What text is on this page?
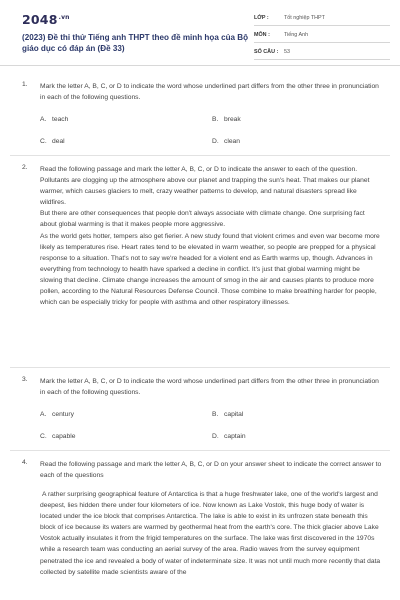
$2048^{.vn}$
(2023) Đề thi thử Tiếng anh THPT theo đề minh họa của Bộ giáo dục có đáp án (Đề 33)
LỚP :	Tốt nghiệp THPT
MÔN :	Tiếng Anh
SỐ CÂU : 53
1. Mark the letter A, B, C, or D to indicate the word whose underlined part differs from the other three in pronunciation in each of the following questions.
A. teach	B. break
C. deal	D. clean
2. Read the following passage and mark the letter A, B, C, or D to indicate the answer to each of the question.
Pollutants are clogging up the atmosphere above our planet and trapping the sun's heat. That makes our planet warmer, which causes glaciers to melt, crazy weather patterns to develop, and natural disasters spread like wildfires.
But there are other consequences that people don't always associate with climate change. One surprising fact about global warming is that it makes people more aggressive.
As the world gets hotter, tempers also get fierier. A new study found that violent crimes and even war become more likely as temperatures rise. Heart rates tend to be elevated in warm weather, so people are prepped for a physical response to a situation. That's not to say we're headed for a violent end as Earth warms up, though. Advances in everything from technology to health have sparked a decline in conflict. It's just that global warming might be slowing that decline. Climate change increases the amount of smog in the air and causes plants to produce more pollen, according to the Natural Resources Defense Council. Those combine to make breathing harder for people, which can be especially tricky for people with asthma and other respiratory illnesses.
3. Mark the letter A, B, C, or D to indicate the word whose underlined part differs from the other three in pronunciation in each of the following questions.
A. century	B. capital
C. capable	D. captain
4. Read the following passage and mark the letter A, B, C, or D on your answer sheet to indicate the correct answer to each of the questions
A rather surprising geographical feature of Antarctica is that a huge freshwater lake, one of the world's largest and deepest, lies hidden there under four kilometers of ice. Now known as Lake Vostok, this huge body of water is located under the ice block that comprises Antarctica. The lake is able to exist in its unfrozen state beneath this block of ice because its waters are warmed by geothermal heat from the earth's core. The thick glacier above Lake Vostok actually insulates it from the frigid temperatures on the surface. The lake was first discovered in the 1970s while a research team was conducting an aerial survey of the area. Radio waves from the survey equipment penetrated the ice and revealed a body of water of indeterminate size. It was not until much more recently that data collected by satellite made scientists aware of the
